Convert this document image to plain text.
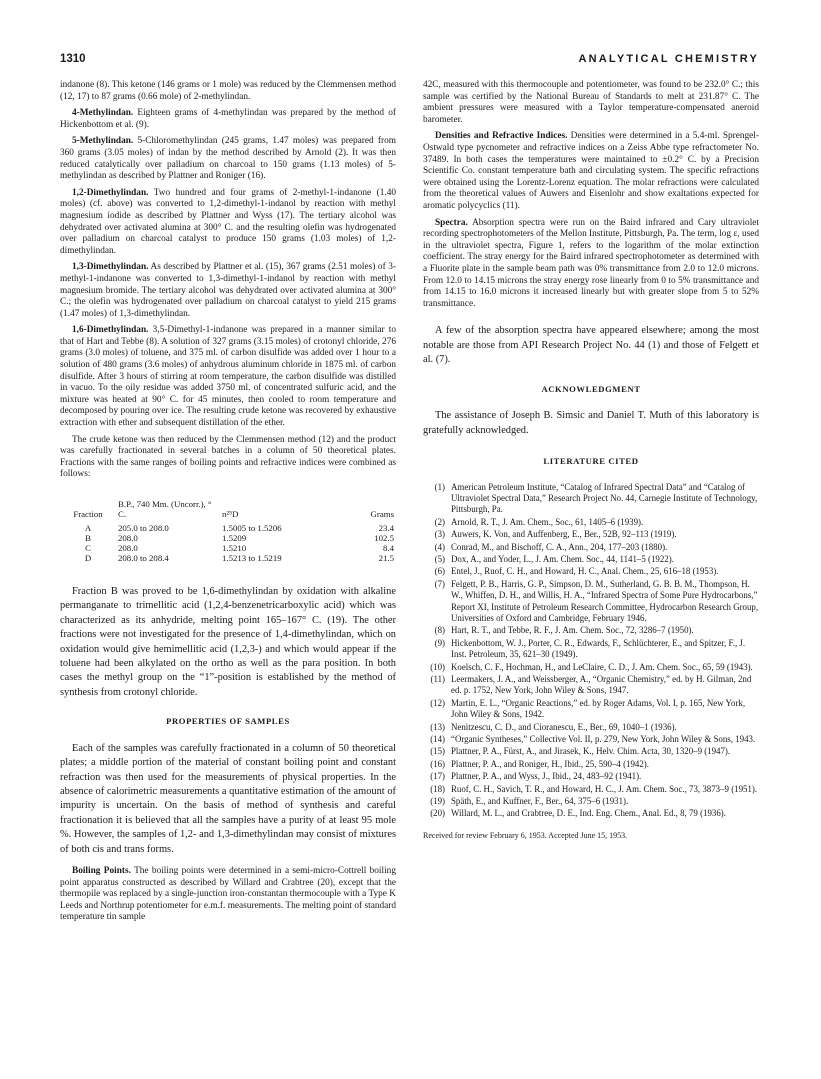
1310	ANALYTICAL CHEMISTRY

indanone (8). This ketone (146 grams or 1 mole) was reduced by the Clemmensen method (12, 17) to 87 grams (0.66 mole) of 2-methylindan.

4-Methylindan. Eighteen grams of 4-methylindan was prepared by the method of Hickenbottom et al. (9).

5-Methylindan. 5-Chloromethylindan (245 grams, 1.47 moles) was prepared from 360 grams (3.05 moles) of indan by the method described by Arnold (2). It was then reduced catalytically over palladium on charcoal to 150 grams (1.13 moles) of 5-methylindan as described by Plattner and Roniger (16).

1,2-Dimethylindan. Two hundred and four grams of 2-methyl-1-indanone (1.40 moles) (cf. above) was converted to 1,2-dimethyl-1-indanol by reaction with methyl magnesium iodide as described by Plattner and Wyss (17). The tertiary alcohol was dehydrated over activated alumina at 300° C. and the resulting olefin was hydrogenated over palladium on charcoal catalyst to produce 150 grams (1.03 moles) of 1,2-dimethylindan.

1,3-Dimethylindan. As described by Plattner et al. (15), 367 grams (2.51 moles) of 3-methyl-1-indanone was converted to 1,3-dimethyl-1-indanol by reaction with methyl magnesium bromide. The tertiary alcohol was dehydrated over activated alumina at 300° C.; the olefin was hydrogenated over palladium on charcoal catalyst to yield 215 grams (1.47 moles) of 1,3-dimethylindan.

1,6-Dimethylindan. 3,5-Dimethyl-1-indanone was prepared in a manner similar to that of Hart and Tebbe (8). A solution of 327 grams (3.15 moles) of crotonyl chloride, 276 grams (3.0 moles) of toluene, and 375 ml. of carbon disulfide was added over 1 hour to a solution of 480 grams (3.6 moles) of anhydrous aluminum chloride in 1875 ml. of carbon disulfide. After 3 hours of stirring at room temperature, the carbon disulfide was distilled in vacuo. To the oily residue was added 3750 ml. of concentrated sulfuric acid, and the mixture was heated at 90° C. for 45 minutes, then cooled to room temperature and decomposed by pouring over ice. The resulting crude ketone was recovered by exhaustive extraction with ether and subsequent distillation of the ether.

The crude ketone was then reduced by the Clemmensen method (12) and the product was carefully fractionated in several batches in a column of 50 theoretical plates. Fractions with the same ranges of boiling points and refractive indices were combined as follows:

Fraction	B.P., 740 Mm. (Uncorr.), ° C.	n²⁵D	Grams
A	205.0 to 208.0	1.5005 to 1.5206	23.4
B	208.0	1.5209	102.5
C	208.0	1.5210	8.4
D	208.0 to 208.4	1.5213 to 1.5219	21.5

Fraction B was proved to be 1,6-dimethylindan by oxidation with alkaline permanganate to trimellitic acid (1,2,4-benzenetricarboxylic acid) which was characterized as its anhydride, melting point 165–167° C. (19). The other fractions were not investigated for the presence of 1,4-dimethylindan, which on oxidation would give hemimellitic acid (1,2,3-) and which would appear if the toluene had been alkylated on the ortho as well as the para position. In both cases the methyl group on the “1”-position is established by the method of synthesis from crotonyl chloride.

PROPERTIES OF SAMPLES

Each of the samples was carefully fractionated in a column of 50 theoretical plates; a middle portion of the material of constant boiling point and constant refraction was then used for the measurements of physical properties. In the absence of calorimetric measurements a quantitative estimation of the amount of impurity is uncertain. On the basis of method of synthesis and careful fractionation it is believed that all the samples have a purity of at least 95 mole %. However, the samples of 1,2- and 1,3-dimethylindan may consist of mixtures of both cis and trans forms.

Boiling Points. The boiling points were determined in a semi-micro-Cottrell boiling point apparatus constructed as described by Willard and Crabtree (20), except that the thermopile was replaced by a single-junction iron-constantan thermocouple with a Type K Leeds and Northrup potentiometer for e.m.f. measurements. The melting point of standard temperature tin sample

42C, measured with this thermocouple and potentiometer, was found to be 232.0° C.; this sample was certified by the National Bureau of Standards to melt at 231.87° C. The ambient pressures were measured with a Taylor temperature-compensated aneroid barometer.

Densities and Refractive Indices. Densities were determined in a 5.4-ml. Sprengel-Ostwald type pycnometer and refractive indices on a Zeiss Abbe type refractometer No. 37489. In both cases the temperatures were maintained to ±0.2° C. by a Precision Scientific Co. constant temperature bath and circulating system. The specific refractions were obtained using the Lorentz-Lorenz equation. The molar refractions were calculated from the theoretical values of Auwers and Eisenlohr and show exaltations expected for aromatic polycyclics (11).

Spectra. Absorption spectra were run on the Baird infrared and Cary ultraviolet recording spectrophotometers of the Mellon Institute, Pittsburgh, Pa. The term, log ε, used in the ultraviolet spectra, Figure 1, refers to the logarithm of the molar extinction coefficient. The stray energy for the Baird infrared spectrophotometer as determined with a Fluorite plate in the sample beam path was 0% transmittance from 2.0 to 12.0 microns. From 12.0 to 14.15 microns the stray energy rose linearly from 0 to 5% transmittance and from 14.15 to 16.0 microns it increased linearly but with greater slope from 5 to 52% transmittance.

A few of the absorption spectra have appeared elsewhere; among the most notable are those from API Research Project No. 44 (1) and those of Felgett et al. (7).

ACKNOWLEDGMENT

The assistance of Joseph B. Simsic and Daniel T. Muth of this laboratory is gratefully acknowledged.

LITERATURE CITED
(1) American Petroleum Institute, “Catalog of Infrared Spectral Data” and “Catalog of Ultraviolet Spectral Data,” Research Project No. 44, Carnegie Institute of Technology, Pittsburgh, Pa.
(2) Arnold, R. T., J. Am. Chem., Soc., 61, 1405–6 (1939).
(3) Auwers, K. Von, and Auffenberg, E., Ber., 52B, 92–113 (1919).
(4) Conrad, M., and Bischoff, C. A., Ann., 204, 177–203 (1880).
(5) Dox, A., and Yoder, L., J. Am. Chem. Soc., 44, 1141–5 (1922).
(6) Entel, J., Ruof, C. H., and Howard, H. C., Anal. Chem., 25, 616–18 (1953).
(7) Felgett, P. B., Harris, G. P., Simpson, D. M., Sutherland, G. B. B. M., Thompson, H. W., Whiffen, D. H., and Willis, H. A., “Infrared Spectra of Some Pure Hydrocarbons,” Report XI, Institute of Petroleum Research Committee, Hydrocarbon Research Group, Universities of Oxford and Cambridge, February 1946.
(8) Hart, R. T., and Tebbe, R. F., J. Am. Chem. Soc., 72, 3286–7 (1950).
(9) Hickenbottom, W. J., Porter, C. R., Edwards, F., Schlüchterer, E., and Spitzer, F., J. Inst. Petroleum, 35, 621–30 (1949).
(10) Koelsch, C. F., Hochman, H., and LeClaire, C. D., J. Am. Chem. Soc., 65, 59 (1943).
(11) Leermakers, J. A., and Weissberger, A., “Organic Chemistry,” ed. by H. Gilman, 2nd ed. p. 1752, New York, John Wiley & Sons, 1947.
(12) Martin, E. L., “Organic Reactions,” ed. by Roger Adams, Vol. I, p. 165, New York, John Wiley & Sons, 1942.
(13) Nenitzescu, C. D., and Cioranescu, E., Ber., 69, 1040–1 (1936).
(14) “Organic Syntheses,” Collective Vol. II, p. 279, New York, John Wiley & Sons, 1943.
(15) Plattner, P. A., Fürst, A., and Jirasek, K., Helv. Chim. Acta, 30, 1320–9 (1947).
(16) Plattner, P. A., and Roniger, H., Ibid., 25, 590–4 (1942).
(17) Plattner, P. A., and Wyss, J., Ibid., 24, 483–92 (1941).
(18) Ruof, C. H., Savich, T. R., and Howard, H. C., J. Am. Chem. Soc., 73, 3873–9 (1951).
(19) Späth, E., and Kuffner, F., Ber., 64, 375–6 (1931).
(20) Willard, M. L., and Crabtree, D. E., Ind. Eng. Chem., Anal. Ed., 8, 79 (1936).
Received for review February 6, 1953. Accepted June 15, 1953.
